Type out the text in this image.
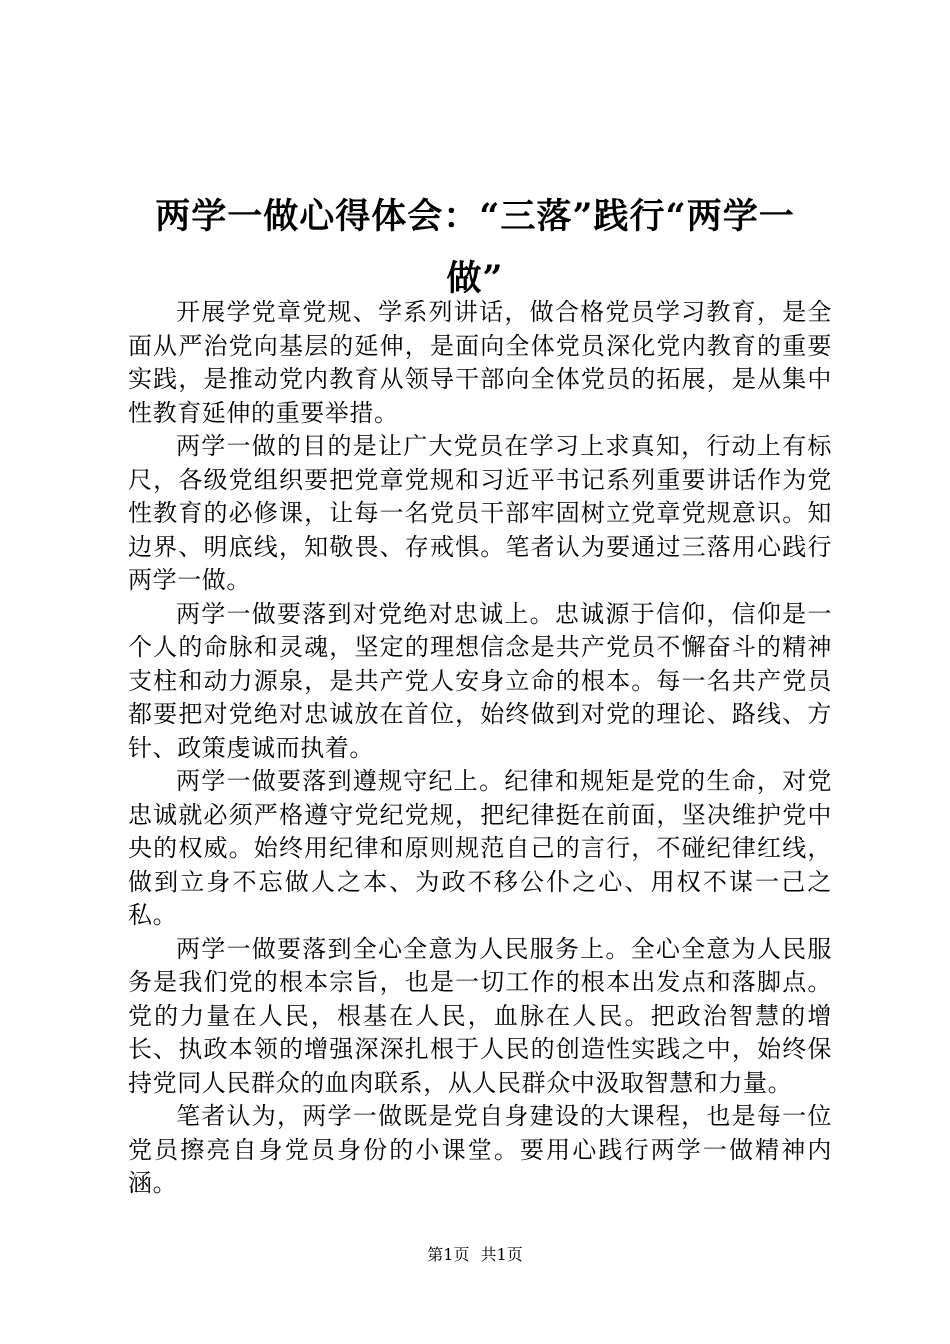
两学一做心得体会：“三落”践行“两学一做”

开展学党章党规、学系列讲话，做合格党员学习教育，是全面从严治党向基层的延伸，是面向全体党员深化党内教育的重要实践，是推动党内教育从领导干部向全体党员的拓展，是从集中性教育延伸的重要举措。

两学一做的目的是让广大党员在学习上求真知，行动上有标尺，各级党组织要把党章党规和习近平书记系列重要讲话作为党性教育的必修课，让每一名党员干部牢固树立党章党规意识。知边界、明底线，知敬畏、存戒惧。笔者认为要通过三落用心践行两学一做。

两学一做要落到对党绝对忠诚上。忠诚源于信仰，信仰是一个人的命脉和灵魂，坚定的理想信念是共产党员不懈奋斗的精神支柱和动力源泉，是共产党人安身立命的根本。每一名共产党员都要把对党绝对忠诚放在首位，始终做到对党的理论、路线、方针、政策虔诚而执着。

两学一做要落到遵规守纪上。纪律和规矩是党的生命，对党忠诚就必须严格遵守党纪党规，把纪律挺在前面，坚决维护党中央的权威。始终用纪律和原则规范自己的言行，不碰纪律红线，做到立身不忘做人之本、为政不移公仆之心、用权不谋一己之私。

两学一做要落到全心全意为人民服务上。全心全意为人民服务是我们党的根本宗旨，也是一切工作的根本出发点和落脚点。党的力量在人民，根基在人民，血脉在人民。把政治智慧的增长、执政本领的增强深深扎根于人民的创造性实践之中，始终保持党同人民群众的血肉联系，从人民群众中汲取智慧和力量。

笔者认为，两学一做既是党自身建设的大课程，也是每一位党员擦亮自身党员身份的小课堂。要用心践行两学一做精神内涵。

第1页 共1页
